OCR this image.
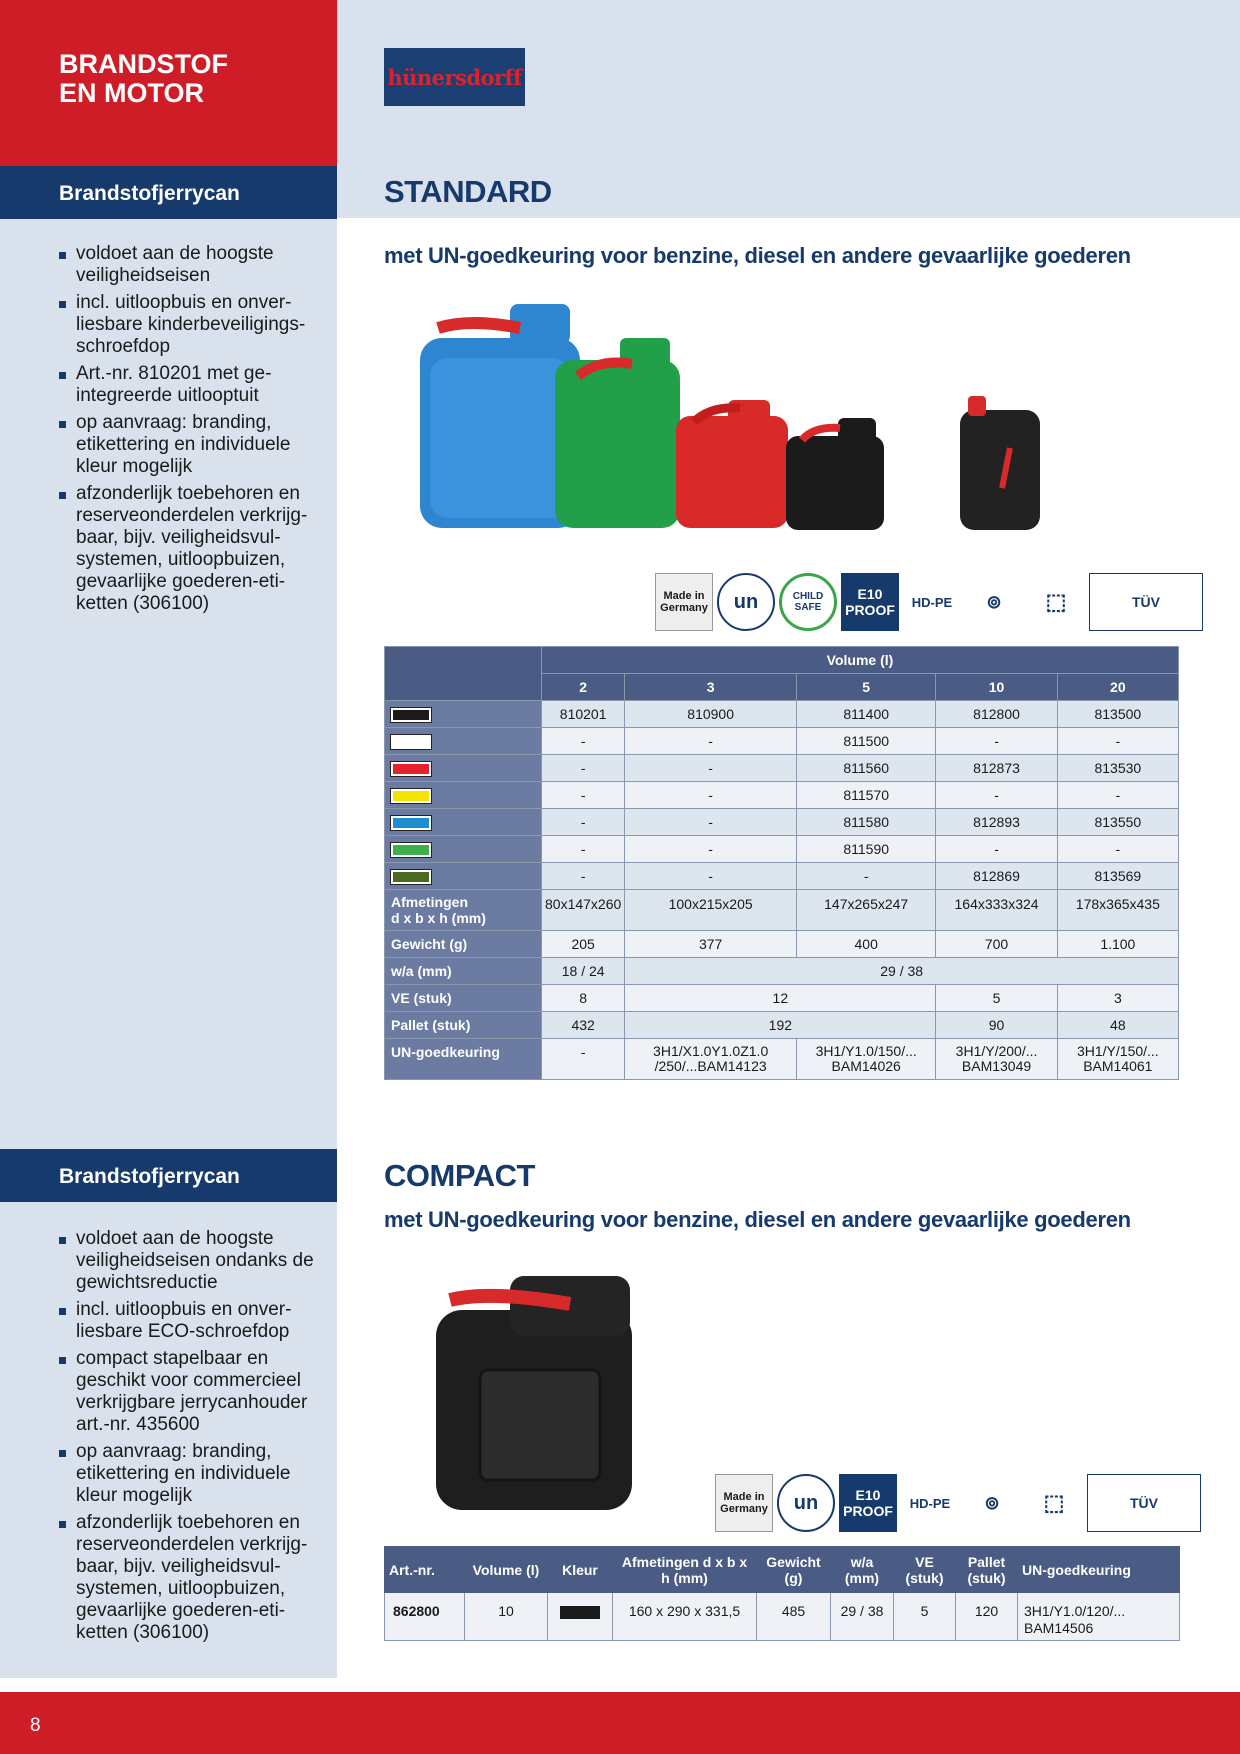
BRANDSTOF
EN MOTOR
hünersdorff
Brandstofjerrycan
voldoet aan de hoogste veiligheidseisen
incl. uitloopbuis en onverliesbare kinderbeveiligingsschroefdop
Art.-nr. 810201 met geintegreerde uitlooptuit
op aanvraag: branding, etikettering en individuele kleur mogelijk
afzonderlijk toebehoren en reserveonderdelen verkrijgbaar, bijv. veiligheidsvulsystemen, uitloopbuizen, gevaarlijke goederen-etiketten (306100)
STANDARD
met UN-goedkeuring voor benzine, diesel en andere gevaarlijke goederen
Made in Germany	un	CHILD SAFE
E10 PROOF	HD-PE	⊚	⬚	TÜV
	Volume (l)				
	2	3	5	10	20
	810201	810900	811400	812800	813500
	-	-	811500	-	-
	-	-	811560	812873	813530
	-	-	811570	-	-
	-	-	811580	812893	813550
	-	-	811590	-	-
	-	-	-	812869	813569
Afmetingen
d x b x h (mm)	80x147x260	100x215x205	147x265x247	164x333x324	178x365x435
Gewicht (g)	205	377	400	700	1.100
w/a (mm)	18 / 24	29 / 38			
VE (stuk)	8	12		5	3
Pallet (stuk)	432	192		90	48
UN-goedkeuring	-	3H1/X1.0Y1.0Z1.0 /250/...BAM14123	3H1/Y1.0/150/... BAM14026	3H1/Y/200/... BAM13049	3H1/Y/150/... BAM14061
Brandstofjerrycan
voldoet aan de hoogste veiligheidseisen ondanks de gewichtsreductie
incl. uitloopbuis en onverliesbare ECO-schroefdop
compact stapelbaar en geschikt voor commercieel verkrijgbare jerrycanhouder art.-nr. 435600
op aanvraag: branding, etikettering en individuele kleur mogelijk
afzonderlijk toebehoren en reserveonderdelen verkrijgbaar, bijv. veiligheidsvulsystemen, uitloopbuizen, gevaarlijke goederen-etiketten (306100)
COMPACT
met UN-goedkeuring voor benzine, diesel en andere gevaarlijke goederen
Made in Germany	un	E10 PROOF	HD-PE	⊚	⬚	TÜV
Art.-nr.	Volume (l)	Kleur	Afmetingen d x b x h (mm)	Gewicht (g)	w/a (mm)	VE (stuk)	Pallet (stuk)	UN-goedkeuring
862800	10		160 x 290 x 331,5	485	29 / 38	5	120	3H1/Y1.0/120/... BAM14506
8
